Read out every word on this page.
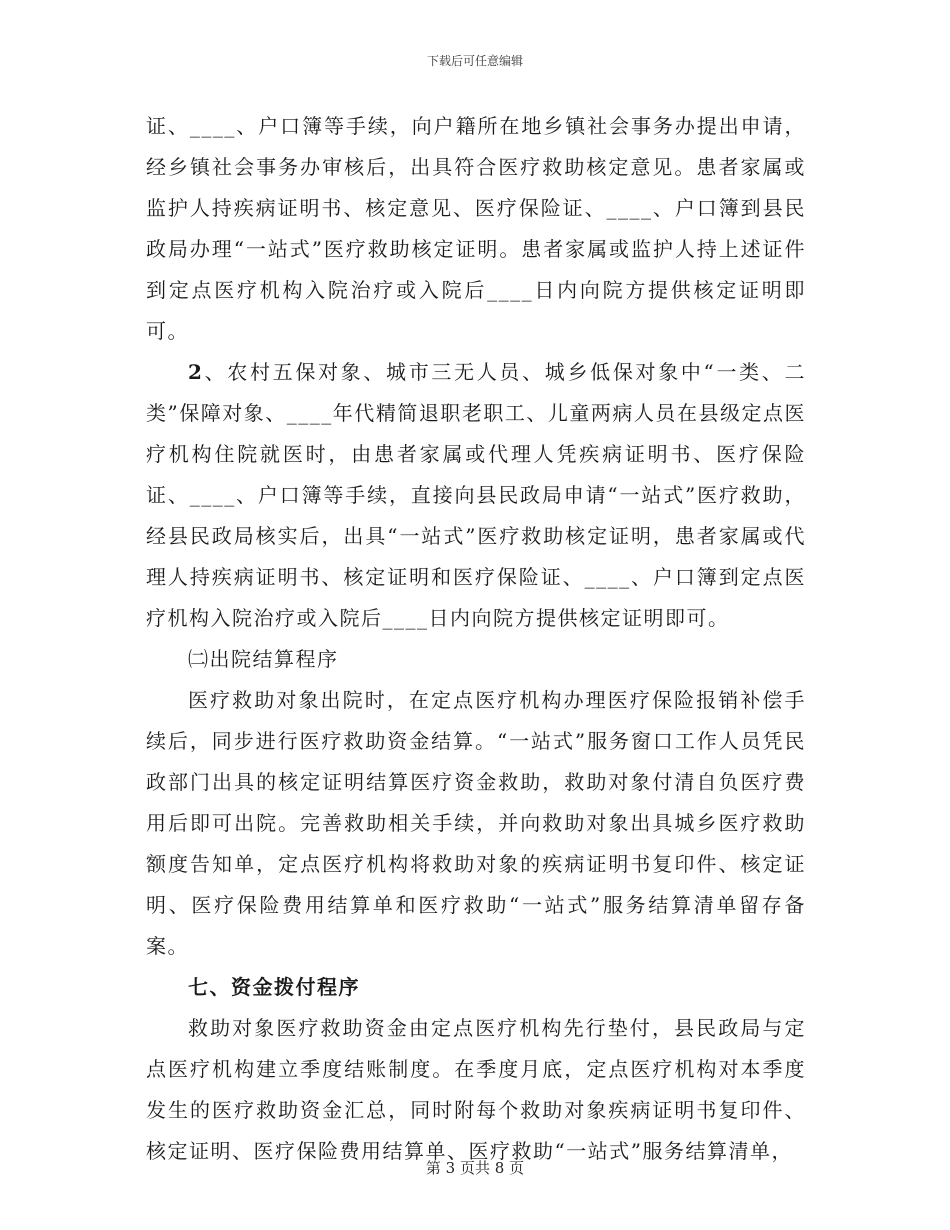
下载后可任意编辑

证、____、户口簿等手续，向户籍所在地乡镇社会事务办提出申请，经乡镇社会事务办审核后，出具符合医疗救助核定意见。患者家属或监护人持疾病证明书、核定意见、医疗保险证、____、户口簿到县民政局办理“一站式”医疗救助核定证明。患者家属或监护人持上述证件到定点医疗机构入院治疗或入院后____日内向院方提供核定证明即可。

2、农村五保对象、城市三无人员、城乡低保对象中“一类、二类”保障对象、____年代精简退职老职工、儿童两病人员在县级定点医疗机构住院就医时，由患者家属或代理人凭疾病证明书、医疗保险证、____、户口簿等手续，直接向县民政局申请“一站式”医疗救助，经县民政局核实后，出具“一站式”医疗救助核定证明，患者家属或代理人持疾病证明书、核定证明和医疗保险证、____、户口簿到定点医疗机构入院治疗或入院后____日内向院方提供核定证明即可。

㈡出院结算程序

医疗救助对象出院时，在定点医疗机构办理医疗保险报销补偿手续后，同步进行医疗救助资金结算。“一站式”服务窗口工作人员凭民政部门出具的核定证明结算医疗资金救助，救助对象付清自负医疗费用后即可出院。完善救助相关手续，并向救助对象出具城乡医疗救助额度告知单，定点医疗机构将救助对象的疾病证明书复印件、核定证明、医疗保险费用结算单和医疗救助“一站式”服务结算清单留存备案。

七、资金拨付程序

救助对象医疗救助资金由定点医疗机构先行垫付，县民政局与定点医疗机构建立季度结账制度。在季度月底，定点医疗机构对本季度发生的医疗救助资金汇总，同时附每个救助对象疾病证明书复印件、核定证明、医疗保险费用结算单、医疗救助“一站式”服务结算清单，

第 3 页共 8 页
